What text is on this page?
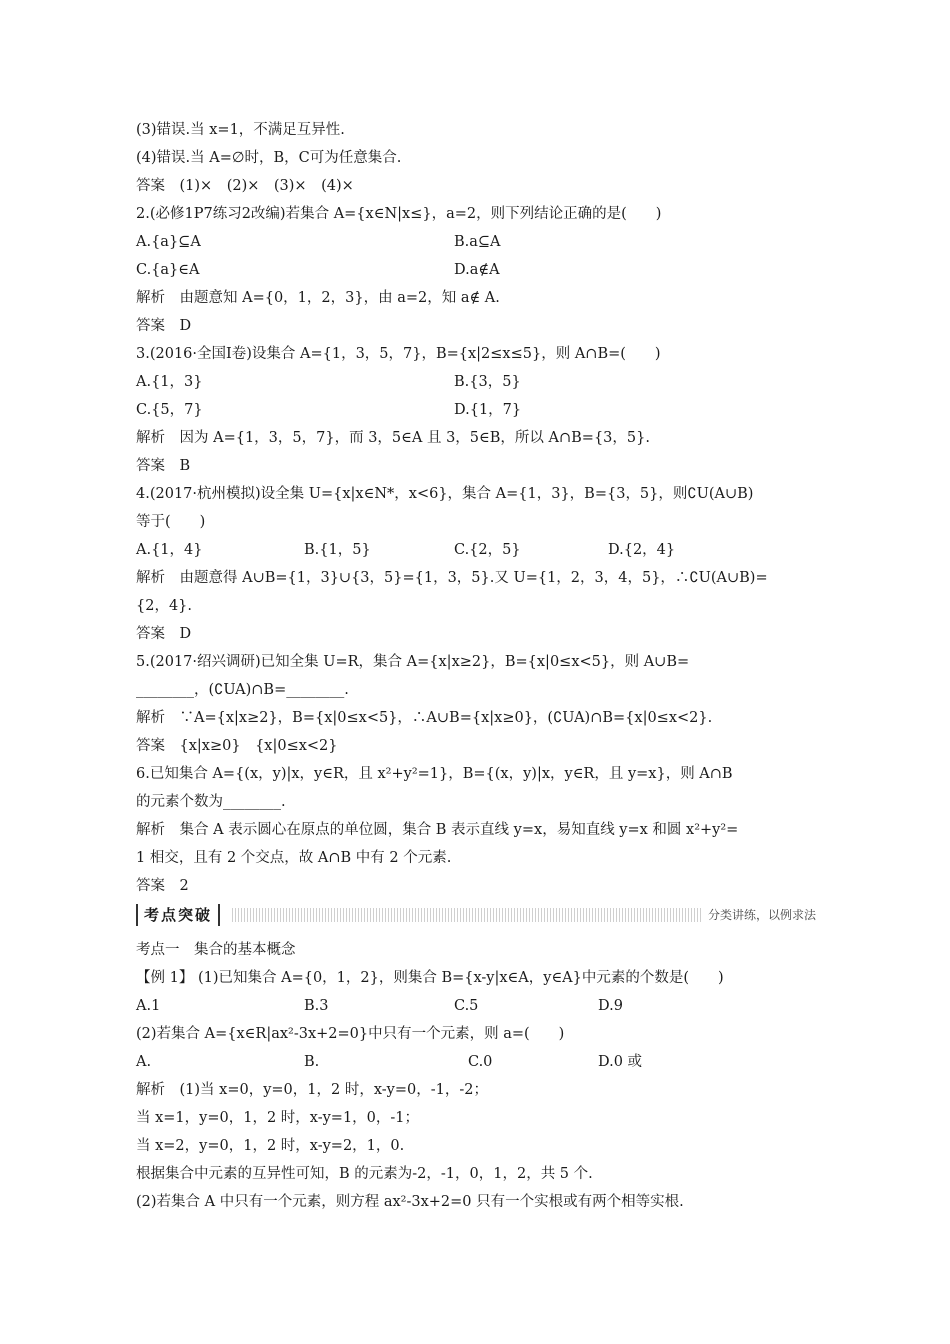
(3)错误.当 x=1，不满足互异性.
(4)错误.当 A=∅时，B，C可为任意集合.
答案　(1)×　(2)×　(3)×　(4)×
2.(必修1P7练习2改编)若集合 A={x∈N|x≤}，a=2，则下列结论正确的是(　　)
A.{a}⊆A	B.a⊆A
C.{a}∈A	D.a∉A
解析　由题意知 A={0，1，2，3}，由 a=2，知 a∉ A.
答案　D
3.(2016·全国Ⅰ卷)设集合 A={1，3，5，7}，B={x|2≤x≤5}，则 A∩B=(　　)
A.{1，3}	B.{3，5}
C.{5，7}	D.{1，7}
解析　因为 A={1，3，5，7}，而 3，5∈A 且 3，5∈B，所以 A∩B={3，5}.
答案　B
4.(2017·杭州模拟)设全集 U={x|x∈N*，x<6}，集合 A={1，3}，B={3，5}，则∁U(A∪B)
等于(　　)
A.{1，4}	B.{1，5}	C.{2，5}	D.{2，4}
解析　由题意得 A∪B={1，3}∪{3，5}={1，3，5}.又 U={1，2，3，4，5}，∴∁U(A∪B)=
{2，4}.
答案　D
5.(2017·绍兴调研)已知全集 U=R，集合 A={x|x≥2}，B={x|0≤x<5}，则 A∪B=
________，(∁UA)∩B=________.
解析　∵A={x|x≥2}，B={x|0≤x<5}，∴A∪B={x|x≥0}，(∁UA)∩B={x|0≤x<2}.
答案　{x|x≥0}　{x|0≤x<2}
6.已知集合 A={(x，y)|x，y∈R，且 x²+y²=1}，B={(x，y)|x，y∈R，且 y=x}，则 A∩B
的元素个数为________.
解析　集合 A 表示圆心在原点的单位圆，集合 B 表示直线 y=x，易知直线 y=x 和圆 x²+y²=
1 相交，且有 2 个交点，故 A∩B 中有 2 个元素.
答案　2
考点突破	分类讲练，以例求法
考点一　集合的基本概念
【例 1】 (1)已知集合 A={0，1，2}，则集合 B={x-y|x∈A，y∈A}中元素的个数是(　　)
A.1	B.3	C.5	D.9
(2)若集合 A={x∈R|ax²-3x+2=0}中只有一个元素，则 a=(　　)
A.	B.	C.0	D.0 或
解析　(1)当 x=0，y=0，1，2 时，x-y=0，-1，-2；
当 x=1，y=0，1，2 时，x-y=1，0，-1；
当 x=2，y=0，1，2 时，x-y=2，1，0.
根据集合中元素的互异性可知，B 的元素为-2，-1，0，1，2，共 5 个.
(2)若集合 A 中只有一个元素，则方程 ax²-3x+2=0 只有一个实根或有两个相等实根.
